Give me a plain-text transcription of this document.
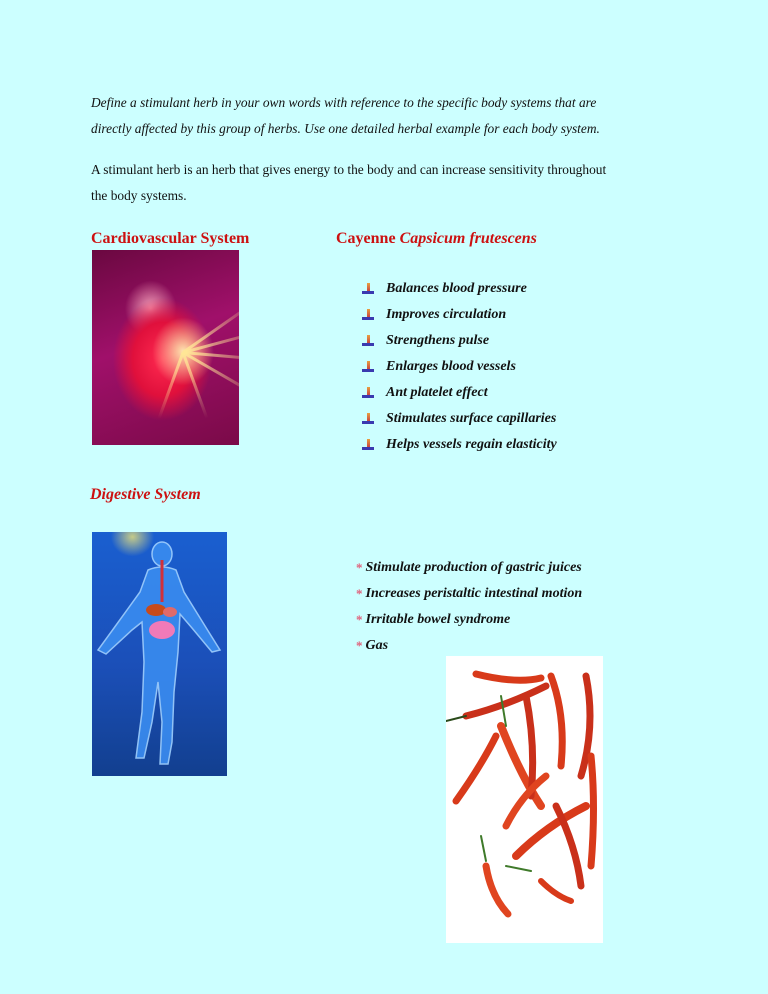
Define a stimulant herb in your own words with reference to the specific body systems that are
directly affected by this group of herbs. Use one detailed herbal example for each body system.
A stimulant herb is an herb that gives energy to the body and can increase sensitivity throughout
the body systems.
Cardiovascular System	Cayenne Capsicum frutescens
Balances blood pressure
Improves circulation
Strengthens pulse
Enlarges blood vessels
Ant platelet effect
Stimulates surface capillaries
Helps vessels regain elasticity
Digestive System
* Stimulate production of gastric juices
* Increases peristaltic intestinal motion
* Irritable bowel syndrome
* Gas
